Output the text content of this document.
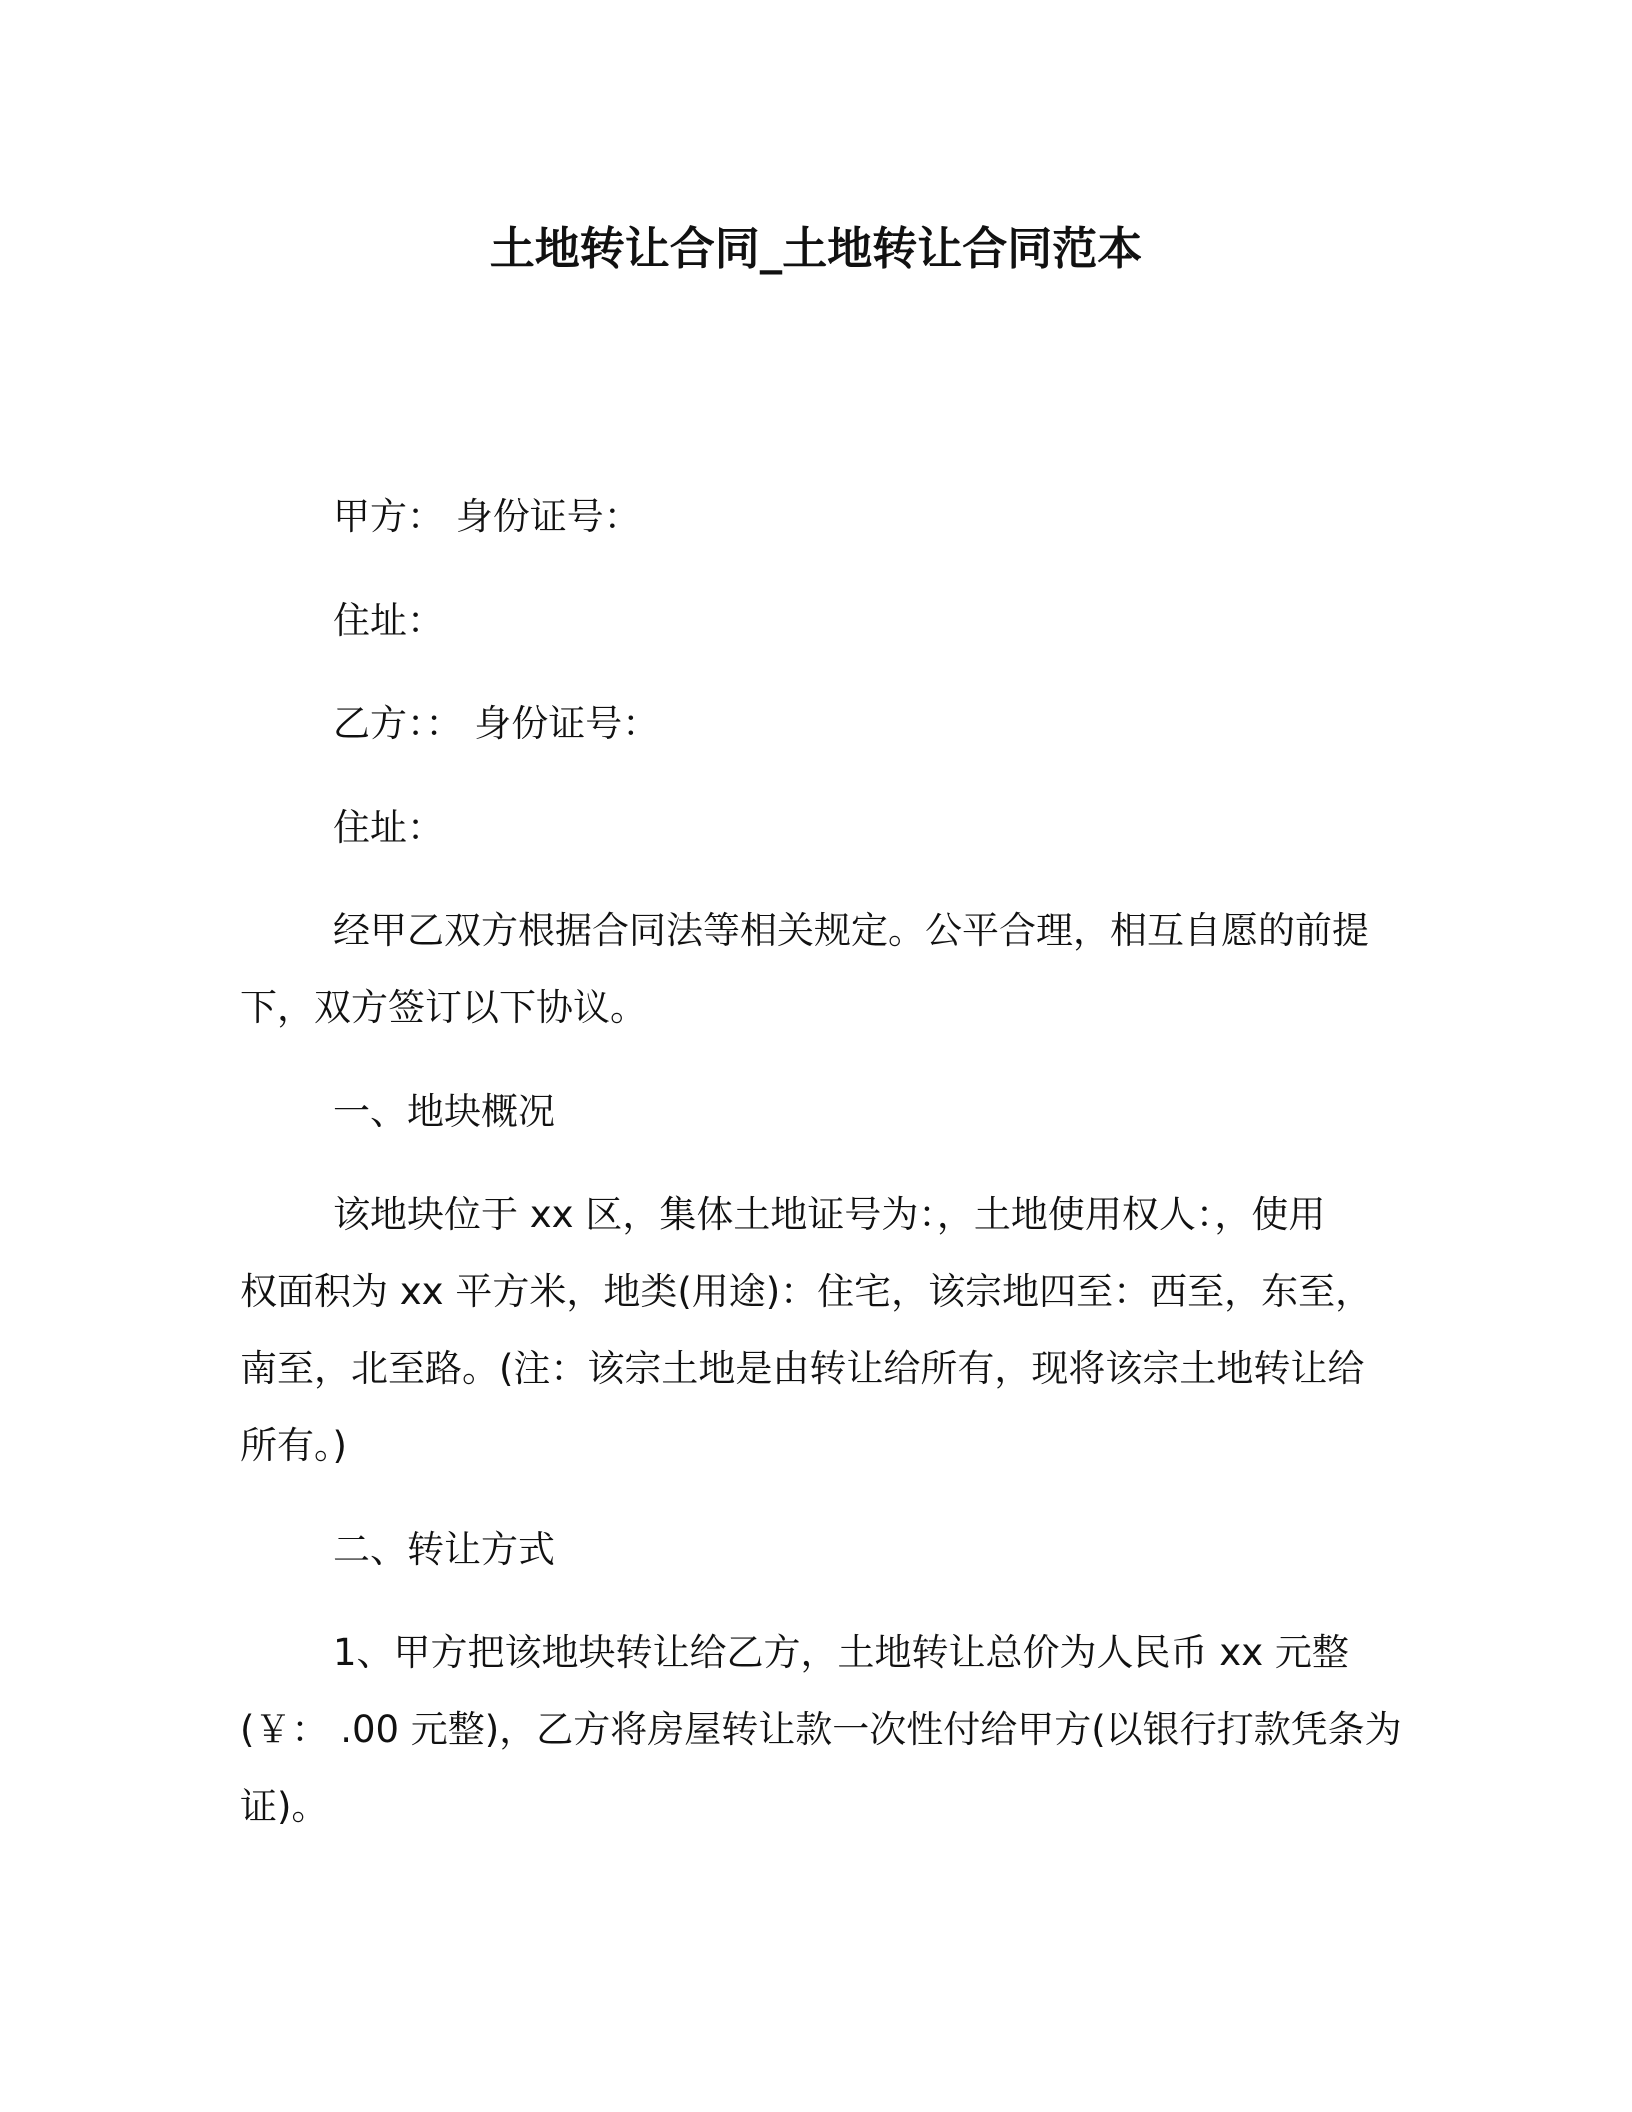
土地转让合同_土地转让合同范本
甲方： 身份证号：
住址：
乙方：： 身份证号：
住址：
经甲乙双方根据合同法等相关规定。公平合理，相互自愿的前提
下，双方签订以下协议。
一、地块概况
该地块位于 xx 区，集体土地证号为：，土地使用权人：，使用
权面积为 xx 平方米，地类(用途)：住宅，该宗地四至：西至，东至，
南至，北至路。(注：该宗土地是由转让给所有，现将该宗土地转让给
所有。)
二、转让方式
1、甲方把该地块转让给乙方，土地转让总价为人民币 xx 元整
(￥： .00 元整)，乙方将房屋转让款一次性付给甲方(以银行打款凭条为
证)。
